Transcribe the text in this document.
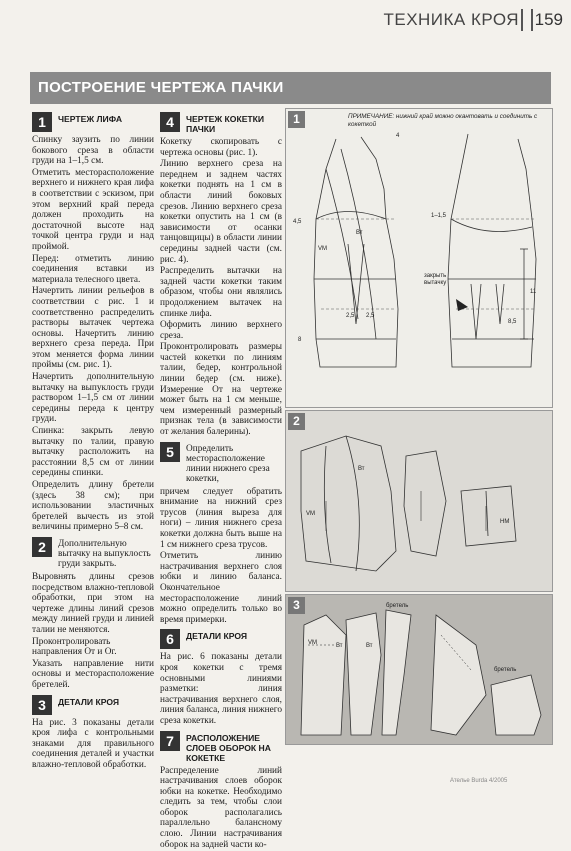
ТЕХНИКА КРОЯ 159
ПОСТРОЕНИЕ ЧЕРТЕЖА ПАЧКИ
1	ЧЕРТЕЖ ЛИФА

Спинку заузить по линии бокового среза в области груди на 1–1,5 см.

Отметить месторасположение верхнего и нижнего края лифа в соответствии с эскизом, при этом верхний край переда должен проходить на достаточной высоте над точкой центра груди и над проймой.

Перед: отметить линию соединения вставки из материала телесного цвета.

Начертить линии рельефов в соответствии с рис. 1 и соответственно распределить растворы вытачек чертежа основы. Начертить линию верхнего среза переда. При этом меняется форма линии проймы (см. рис. 1).

Начертить дополнительную вытачку на выпуклость груди раствором 1–1,5 см от линии середины переда к центру груди.

Спинка: закрыть левую вытачку по талии, правую вытачку расположить на расстоянии 8,5 см от линии середины спинки.

Определить длину бретели (здесь 38 см); при использовании эластичных бретелей вычесть из этой величины примерно 5–8 см.

2	Дополнительную вытачку на выпуклость груди закрыть.

Выровнять длины срезов посредством влажно-тепловой обработки, при этом на чертеже длины линий срезов между линией груди и линией талии не меняются.

Проконтролировать направления От и Ог.

Указать направление нити основы и месторасположение бретелей.

3	ДЕТАЛИ КРОЯ

На рис. 3 показаны детали кроя лифа с контрольными знаками для правильного соединения деталей и участки влажно-тепловой обработки.

4	ЧЕРТЕЖ КОКЕТКИ ПАЧКИ

Кокетку скопировать с чертежа основы (рис. 1).

Линию верхнего среза на переднем и заднем частях кокетки поднять на 1 см в области линий боковых срезов. Линию верхнего среза кокетки опустить на 1 см (в зависимости от осанки танцовщицы) в области линии середины задней части (см. рис. 4).

Распределить вытачки на задней части кокетки таким образом, чтобы они являлись продолжением вытачек на спинке лифа.

Оформить линию верхнего среза.

Проконтролировать размеры частей кокетки по линиям талии, бедер, контрольной линии бедер (см. ниже). Измерение От на чертеже может быть на 1 см меньше, чем измеренный размерный признак тела (в зависимости от желания балерины).

5	Определить месторасположение линии нижнего среза кокетки,

причем следует обратить внимание на нижний срез трусов (линия выреза для ноги) – линия нижнего среза кокетки должна быть выше на 1 см нижнего среза трусов.

Отметить линию настрачивания верхнего слоя юбки и линию баланса. Окончательное месторасположение линий можно определить только во время примерки.

6	ДЕТАЛИ КРОЯ

На рис. 6 показаны детали кроя кокетки с тремя основными линиями разметки: линия настрачивания верхнего слоя, линия баланса, линия нижнего среза кокетки.

7	РАСПОЛОЖЕНИЕ СЛОЕВ ОБОРОК НА КОКЕТКЕ

Распределение линий настрачивания слоев оборок юбки на кокетке. Необходимо следить за тем, чтобы слои оборок располагались параллельно балансному слою. Линии настрачивания оборок на задней части ко-

1	ПРИМЕЧАНИЕ: нижний край можно окантовать и соединить с кокеткой
4,5
Вт
VM
1–1,5
закрыть вытачку
11
8,5
2,5 2,5
8
4
2
VM
Вт
HM
3	бретель
VM	Вт	Вт
бретель
Ателье Burda 4/2005
